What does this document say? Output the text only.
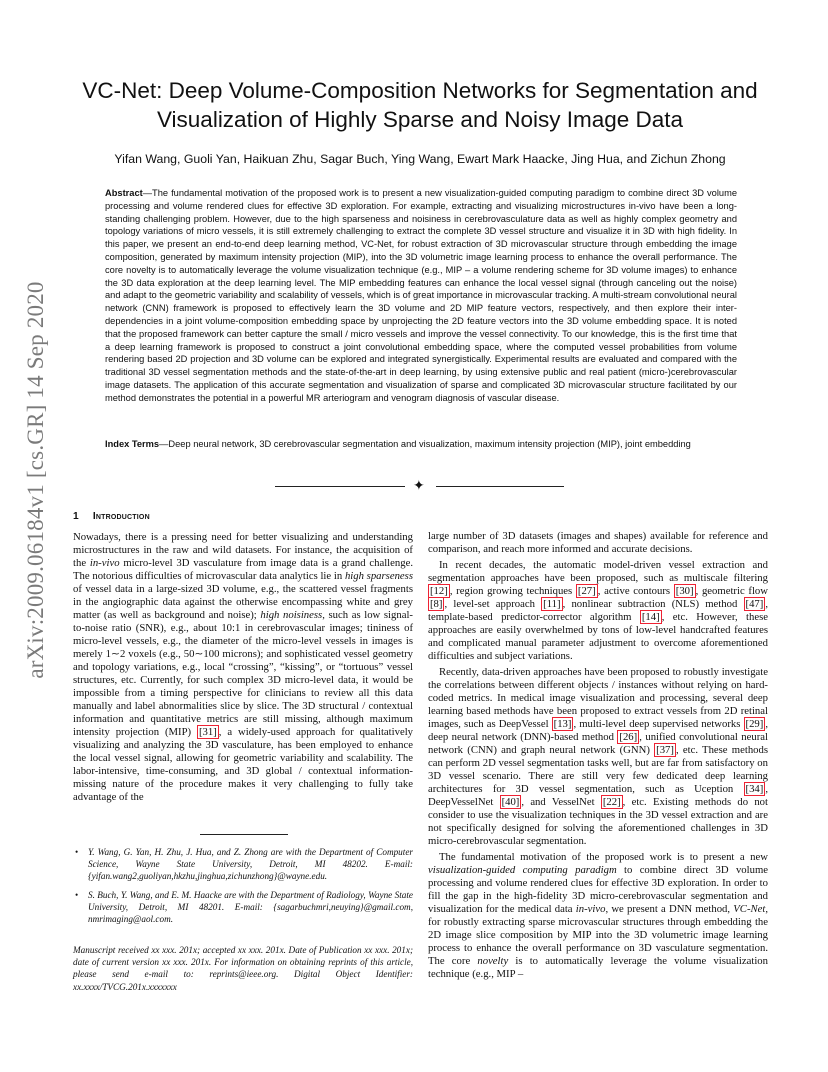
arXiv:2009.06184v1 [cs.GR] 14 Sep 2020
VC-Net: Deep Volume-Composition Networks for Segmentation and Visualization of Highly Sparse and Noisy Image Data

Yifan Wang, Guoli Yan, Haikuan Zhu, Sagar Buch, Ying Wang, Ewart Mark Haacke, Jing Hua, and Zichun Zhong

Abstract—The fundamental motivation of the proposed work is to present a new visualization-guided computing paradigm to combine direct 3D volume processing and volume rendered clues for effective 3D exploration. For example, extracting and visualizing microstructures in-vivo have been a long-standing challenging problem. However, due to the high sparseness and noisiness in cerebrovasculature data as well as highly complex geometry and topology variations of micro vessels, it is still extremely challenging to extract the complete 3D vessel structure and visualize it in 3D with high fidelity. In this paper, we present an end-to-end deep learning method, VC-Net, for robust extraction of 3D microvascular structure through embedding the image composition, generated by maximum intensity projection (MIP), into the 3D volumetric image learning process to enhance the overall performance. The core novelty is to automatically leverage the volume visualization technique (e.g., MIP – a volume rendering scheme for 3D volume images) to enhance the 3D data exploration at the deep learning level. The MIP embedding features can enhance the local vessel signal (through canceling out the noise) and adapt to the geometric variability and scalability of vessels, which is of great importance in microvascular tracking. A multi-stream convolutional neural network (CNN) framework is proposed to effectively learn the 3D volume and 2D MIP feature vectors, respectively, and then explore their inter-dependencies in a joint volume-composition embedding space by unprojecting the 2D feature vectors into the 3D volume embedding space. It is noted that the proposed framework can better capture the small / micro vessels and improve the vessel connectivity. To our knowledge, this is the first time that a deep learning framework is proposed to construct a joint convolutional embedding space, where the computed vessel probabilities from volume rendering based 2D projection and 3D volume can be explored and integrated synergistically. Experimental results are evaluated and compared with the traditional 3D vessel segmentation methods and the state-of-the-art in deep learning, by using extensive public and real patient (micro-)cerebrovascular image datasets. The application of this accurate segmentation and visualization of sparse and complicated 3D microvascular structure facilitated by our method demonstrates the potential in a powerful MR arteriogram and venogram diagnosis of vascular disease.

Index Terms—Deep neural network, 3D cerebrovascular segmentation and visualization, maximum intensity projection (MIP), joint embedding

✦
1 Introduction

Nowadays, there is a pressing need for better visualizing and understanding microstructures in the raw and wild datasets. For instance, the acquisition of the in-vivo micro-level 3D vasculature from image data is a grand challenge. The notorious difficulties of microvascular data analytics lie in high sparseness of vessel data in a large-sized 3D volume, e.g., the scattered vessel fragments in the angiographic data against the otherwise encompassing white and grey matter (as well as background and noise); high noisiness, such as low signal-to-noise ratio (SNR), e.g., about 10:1 in cerebrovascular images; tininess of micro-level vessels, e.g., the diameter of the micro-level vessels in images is merely 1∼2 voxels (e.g., 50∼100 microns); and sophisticated vessel geometry and topology variations, e.g., local “crossing”, “kissing”, or “tortuous” vessel structures, etc. Currently, for such complex 3D micro-level data, it would be impossible from a timing perspective for clinicians to review all this data manually and label abnormalities slice by slice. The 3D structural / contextual information and quantitative metrics are still missing, although maximum intensity projection (MIP) [31] , a widely-used approach for qualitatively visualizing and analyzing the 3D vasculature, has been employed to enhance the local vessel signal, allowing for geometric variability and scalability. The labor-intensive, time-consuming, and 3D global / contextual information-missing nature of the procedure makes it very challenging to fully take advantage of the

• Y. Wang, G. Yan, H. Zhu, J. Hua, and Z. Zhong are with the Department of Computer Science, Wayne State University, Detroit, MI 48202. E-mail: {yifan.wang2,guoliyan,hkzhu,jinghua,zichunzhong}@wayne.edu.
• S. Buch, Y. Wang, and E. M. Haacke are with the Department of Radiology, Wayne State University, Detroit, MI 48201. E-mail: {sagarbuchmri,neuying}@gmail.com, nmrimaging@aol.com.

Manuscript received xx xxx. 201x; accepted xx xxx. 201x. Date of Publication xx xxx. 201x; date of current version xx xxx. 201x. For information on obtaining reprints of this article, please send e-mail to: reprints@ieee.org. Digital Object Identifier: xx.xxxx/TVCG.201x.xxxxxxx

large number of 3D datasets (images and shapes) available for reference and comparison, and reach more informed and accurate decisions.

In recent decades, the automatic model-driven vessel extraction and segmentation approaches have been proposed, such as multiscale filtering [12] , region growing techniques [27] , active contours [30] , geometric flow [8] , level-set approach [11] , nonlinear subtraction (NLS) method [47] , template-based predictor-corrector algorithm [14] , etc. However, these approaches are easily overwhelmed by tons of low-level handcrafted features and complicated manual parameter adjustment to overcome aforementioned difficulties and subject variations.

Recently, data-driven approaches have been proposed to robustly investigate the correlations between different objects / instances without relying on hard-coded metrics. In medical image visualization and processing, several deep learning based methods have been proposed to extract vessels from 2D retinal images, such as DeepVessel [13] , multi-level deep supervised networks [29] , deep neural network (DNN)-based method [26] , unified convolutional neural network (CNN) and graph neural network (GNN) [37] , etc. These methods can perform 2D vessel segmentation tasks well, but are far from satisfactory on 3D vessel scenario. There are still very few dedicated deep learning architectures for 3D vessel segmentation, such as Uception [34] , DeepVesselNet [40] , and VesselNet [22] , etc. Existing methods do not consider to use the visualization techniques in the 3D vessel extraction and are not specifically designed for solving the aforementioned challenges in 3D micro-cerebrovascular segmentation.

The fundamental motivation of the proposed work is to present a new visualization-guided computing paradigm to combine direct 3D volume processing and volume rendered clues for effective 3D exploration. In order to fill the gap in the high-fidelity 3D micro-cerebrovascular segmentation and visualization for the medical data in-vivo, we present a DNN method, VC-Net, for robustly extracting sparse microvascular structures through embedding the 2D image slice composition by MIP into the 3D volumetric image learning process to enhance the overall performance on 3D vasculature segmentation. The core novelty is to automatically leverage the volume visualization technique (e.g., MIP –
